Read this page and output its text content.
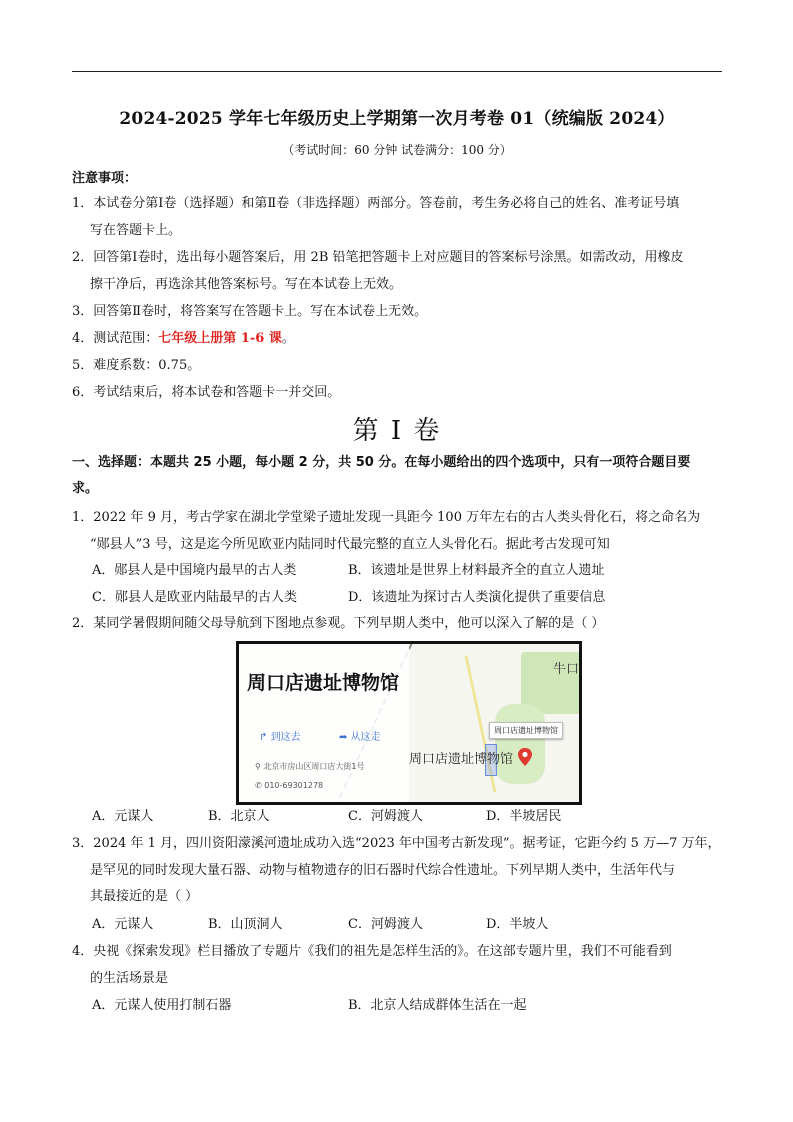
2024-2025 学年七年级历史上学期第一次月考卷 01（统编版 2024）
（考试时间：60 分钟 试卷满分：100 分）
注意事项：
1．本试卷分第Ⅰ卷（选择题）和第Ⅱ卷（非选择题）两部分。答卷前，考生务必将自己的姓名、准考证号填
写在答题卡上。
2．回答第Ⅰ卷时，选出每小题答案后，用 2B 铅笔把答题卡上对应题目的答案标号涂黑。如需改动，用橡皮
擦干净后，再选涂其他答案标号。写在本试卷上无效。
3．回答第Ⅱ卷时，将答案写在答题卡上。写在本试卷上无效。
4．测试范围：七年级上册第 1-6 课。
5．难度系数：0.75。
6．考试结束后，将本试卷和答题卡一并交回。
第 I 卷
一、选择题：本题共 25 小题，每小题 2 分，共 50 分。在每小题给出的四个选项中，只有一项符合题目要
求。
1．2022 年 9 月，考古学家在湖北学堂梁子遗址发现一具距今 100 万年左右的古人类头骨化石，将之命名为
“郧县人”3 号，这是迄今所见欧亚内陆同时代最完整的直立人头骨化石。据此考古发现可知
A．郧县人是中国境内最早的古人类	B．该遗址是世界上材料最齐全的直立人遗址
C．郧县人是欧亚内陆最早的古人类	D．该遗址为探讨古人类演化提供了重要信息
2．某同学暑假期间随父母导航到下图地点参观。下列早期人类中，他可以深入了解的是（ ）
周口店遗址博物馆
↱ 到这去	➦ 从这走
⚲ 北京市房山区周口店大街1号
✆ 010-69301278
牛口
周口店遗址博物馆
周口店遗址博物馆
A．元谋人	B．北京人	C．河姆渡人	D．半坡居民
3．2024 年 1 月，四川资阳濛溪河遗址成功入选“2023 年中国考古新发现”。据考证，它距今约 5 万—7 万年，
是罕见的同时发现大量石器、动物与植物遗存的旧石器时代综合性遗址。下列早期人类中，生活年代与
其最接近的是（ ）
A．元谋人	B．山顶洞人	C．河姆渡人	D．半坡人
4．央视《探索发现》栏目播放了专题片《我们的祖先是怎样生活的》。在这部专题片里，我们不可能看到
的生活场景是
A．元谋人使用打制石器	B．北京人结成群体生活在一起
